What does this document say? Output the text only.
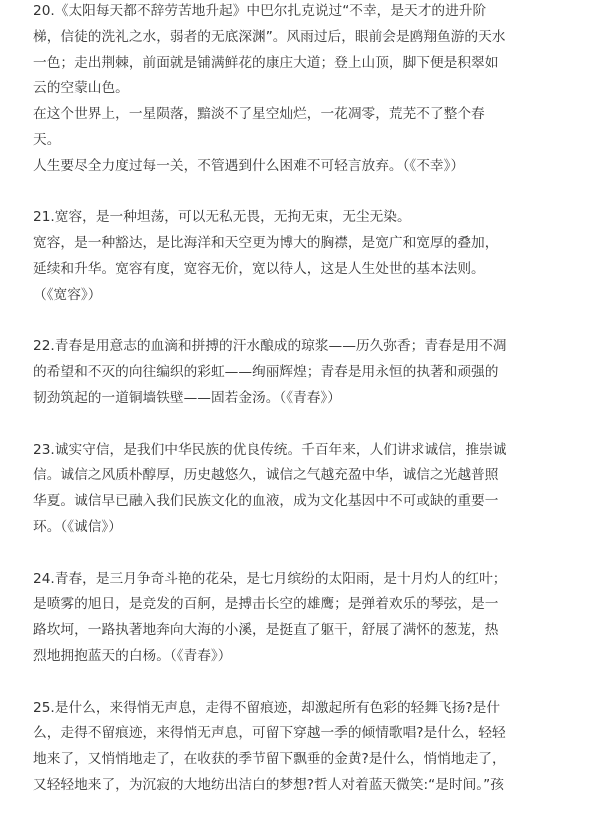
20.《太阳每天都不辞劳苦地升起》中巴尔扎克说过“不幸，是天才的进升阶
梯，信徒的洗礼之水，弱者的无底深渊”。风雨过后，眼前会是鸥翔鱼游的天水
一色；走出荆棘，前面就是铺满鲜花的康庄大道；登上山顶，脚下便是积翠如
云的空蒙山色。
在这个世界上，一星陨落，黯淡不了星空灿烂，一花凋零，荒芜不了整个春
天。
人生要尽全力度过每一关，不管遇到什么困难不可轻言放弃。（《不幸》）
21.宽容，是一种坦荡，可以无私无畏，无拘无束，无尘无染。
宽容，是一种豁达，是比海洋和天空更为博大的胸襟，是宽广和宽厚的叠加，
延续和升华。宽容有度，宽容无价，宽以待人，这是人生处世的基本法则。
（《宽容》）
22.青春是用意志的血滴和拼搏的汗水酿成的琼浆——历久弥香；青春是用不凋
的希望和不灭的向往编织的彩虹——绚丽辉煌；青春是用永恒的执著和顽强的
韧劲筑起的一道铜墙铁壁——固若金汤。（《青春》）
23.诚实守信，是我们中华民族的优良传统。千百年来，人们讲求诚信，推崇诚
信。诚信之风质朴醇厚，历史越悠久，诚信之气越充盈中华，诚信之光越普照
华夏。诚信早已融入我们民族文化的血液，成为文化基因中不可或缺的重要一
环。（《诚信》）
24.青春，是三月争奇斗艳的花朵，是七月缤纷的太阳雨，是十月灼人的红叶；
是喷雾的旭日，是竞发的百舸，是搏击长空的雄鹰；是弹着欢乐的琴弦，是一
路坎坷，一路执著地奔向大海的小溪，是挺直了躯干，舒展了满怀的葱茏，热
烈地拥抱蓝天的白杨。（《青春》）
25.是什么，来得悄无声息，走得不留痕迹，却激起所有色彩的轻舞飞扬?是什
么，走得不留痕迹，来得悄无声息，可留下穿越一季的倾情歌唱?是什么，轻轻
地来了，又悄悄地走了，在收获的季节留下飘垂的金黄?是什么，悄悄地走了，
又轻轻地来了，为沉寂的大地纺出洁白的梦想?哲人对着蓝天微笑:“是时间。”孩
